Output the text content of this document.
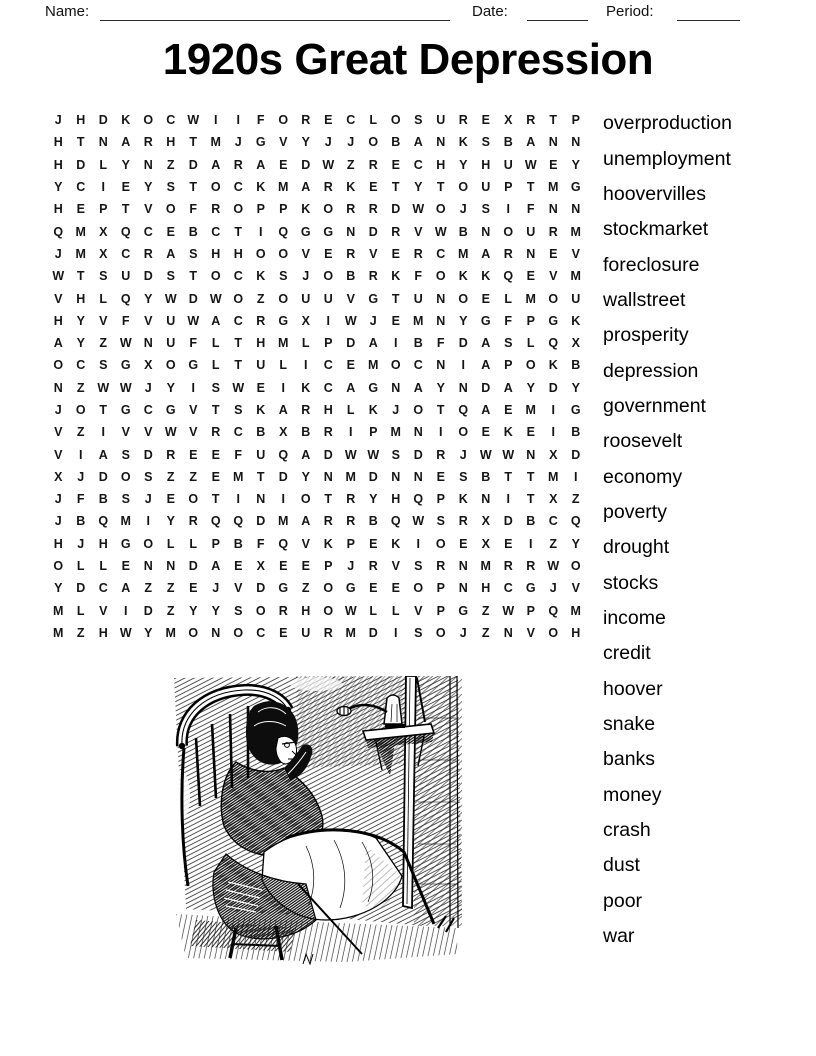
Name:	Date:	Period:
1920s Great Depression
J	H	D	K	O	C W	I	I	F	O	R	E	C	L	O	S	U	R	E	X	R	T	P
H	T	N	A	R	H	T	M	J	G	V	Y	J	J	O	B	A	N	K	S	B	A	N	N
H	D	L	Y	N	Z	D	A	R	A	E	D W	Z	R	E	C	H	Y	H	U W E	Y
Y	C	I	E	Y	S	T	O	C	K	M	A	R	K	E	T	Y	T	O	U	P	T	M G
H	E	P	T	V	O	F	R	O	P	P	K	O	R	R	D W O	J	S	I	F	N	N
Q M	X	Q	C	E	B	C	T	I	Q	G	G	N	D	R	V W B	N	O	U	R	M
J	M	X	C	R	A	S	H	H	O	O	V	E	R	V	E	R	C	M	A	R	N	E	V
W	T	S	U	D	S	T	O	C	K	S	J	O	B	R	K	F	O	K	K	Q	E	V	M
V	H	L	Q	Y W D W O	Z	O	U	U	V	G	T	U	N	O	E	L	M O	U
H	Y	V	F	V	U W A	C	R	G	X	I	W	J	E	M	N	Y	G	F	P	G	K
A	Y	Z	W N	U	F	L	T	H	M	L	P	D	A	I	B	F	D	A	S	L	Q	X
O	C	S	G	X	O	G	L	T	U	L	I	C	E	M O	C	N	I	A	P	O	K	B
N	Z	W W	J	Y	I	S W E	I	K	C	A	G	N	A	Y	N	D	A	Y	D	Y
J	O	T	G	C	G	V	T	S	K	A	R	H	L	K	J	O	T	Q	A	E	M	I	G
V	Z	I	V	V W V	R	C	B	X	B	R	I	P	M	N	I	O	E	K	E	I	B
V	I	A	S	D	R	E	E	F	U	Q	A	D W W S	D	R	J	W W N	X	D
X	J	D	O	S	Z	Z	E	M	T	D	Y	N	M	D	N	N	E	S	B	T	T	M	I
J	F	B	S	J	E	O	T	I	N	I	O	T	R	Y	H	Q	P	K	N	I	T	X	Z
J	B	Q M	I	Y	R	Q	Q	D	M	A	R	R	B	Q W S	R	X	D	B	C	Q
H	J	H	G	O	L	L	P	B	F	Q	V	K	P	E	K	I	O	E	X	E	I	Z	Y
O	L	L	E	N	N	D	A	E	X	E	E	P	J	R	V	S	R	N	M	R	R W O
Y	D	C	A	Z	Z	E	J	V	D	G	Z	O	G	E	E	O	P	N	H	C	G	J	V
M	L	V	I	D	Z	Y	Y	S	O	R	H	O W	L	L	V	P	G	Z	W P	Q M
M	Z	H W Y	M O	N	O	C	E	U	R	M	D	I	S	O	J	Z	N	V	O	H
overproduction
unemployment
hoovervilles
stockmarket
foreclosure
wallstreet
prosperity
depression
government
roosevelt
economy
poverty
drought
stocks
income
credit
hoover
snake
banks
money
crash
dust
poor
war
